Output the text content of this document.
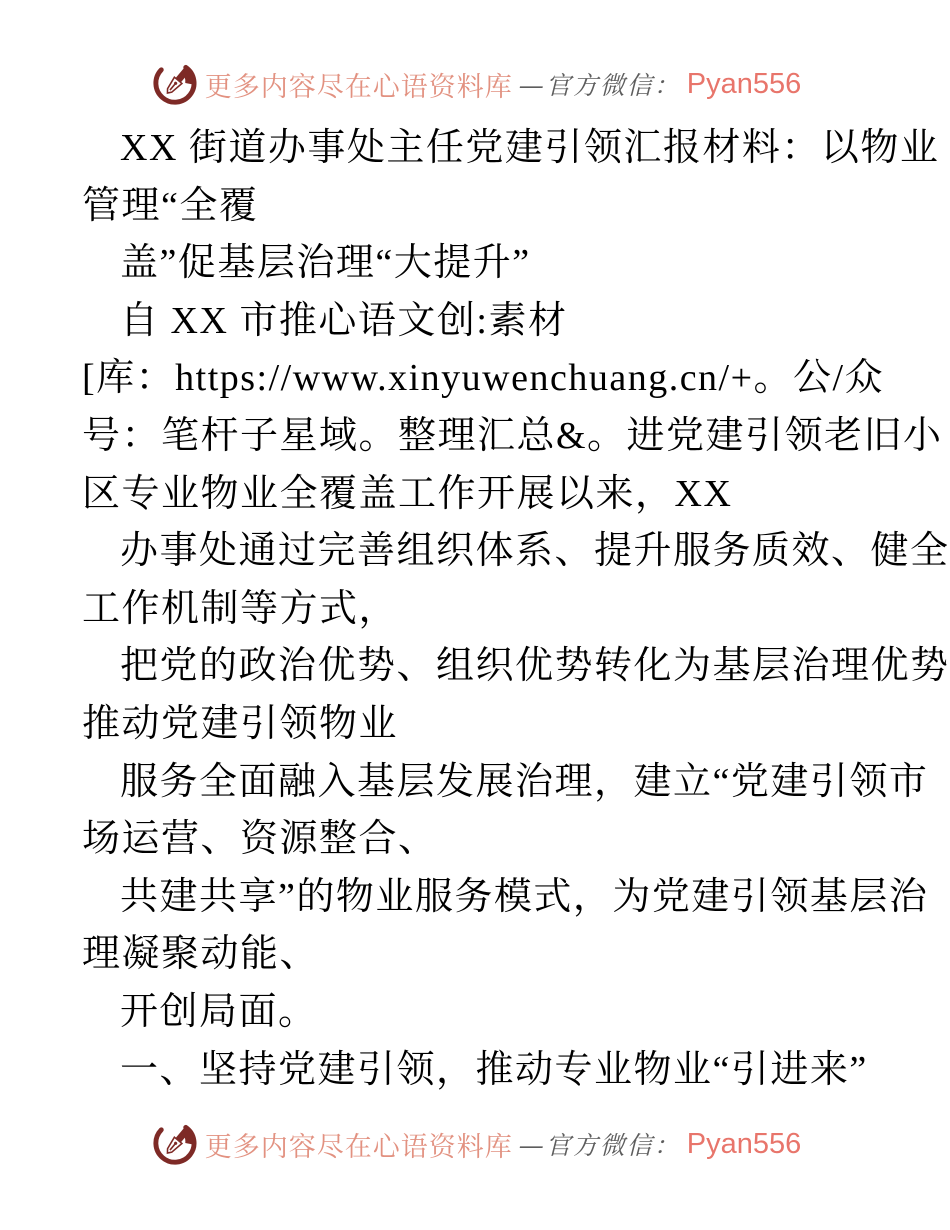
更多内容尽在心语资料库 —官方微信： Pyan556
XX 街道办事处主任党建引领汇报材料：以物业
管理“全覆
盖”促基层治理“大提升”
自 XX 市推心语文创:素材
[库：https://www.xinyuwenchuang.cn/+。公/众
号：笔杆子星域。整理汇总&。进党建引领老旧小
区专业物业全覆盖工作开展以来，XX
办事处通过完善组织体系、提升服务质效、健全
工作机制等方式，
把党的政治优势、组织优势转化为基层治理优势
推动党建引领物业
服务全面融入基层发展治理，建立“党建引领市
场运营、资源整合、
共建共享”的物业服务模式，为党建引领基层治
理凝聚动能、
开创局面。
一、坚持党建引领，推动专业物业“引进来”
更多内容尽在心语资料库 —官方微信： Pyan556
